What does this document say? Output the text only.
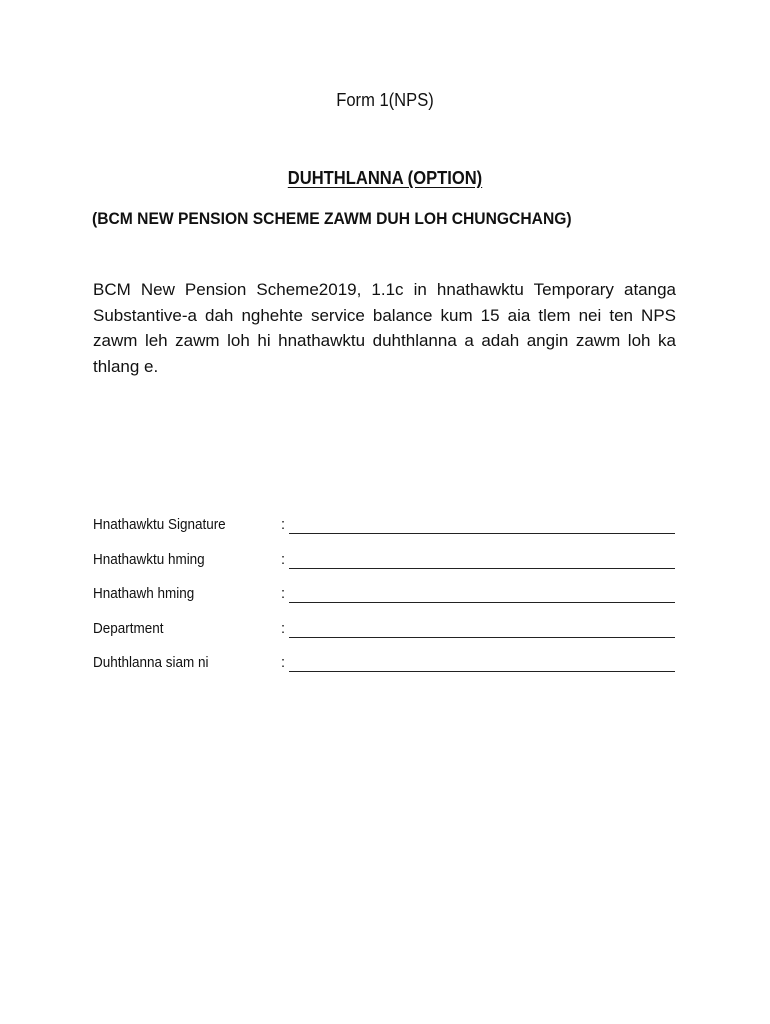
Form 1(NPS)
DUHTHLANNA (OPTION)
(BCM NEW PENSION SCHEME ZAWM DUH LOH CHUNGCHANG)
BCM New Pension Scheme2019, 1.1c in hnathawktu Temporary atanga Substantive-a dah nghehte service balance kum 15 aia tlem nei ten NPS zawm leh zawm loh hi hnathawktu duhthlanna a adah angin zawm loh ka thlang e.
Hnathawktu Signature	:
Hnathawktu hming	:
Hnathawh hming	:
Department	:
Duhthlanna siam ni	:
